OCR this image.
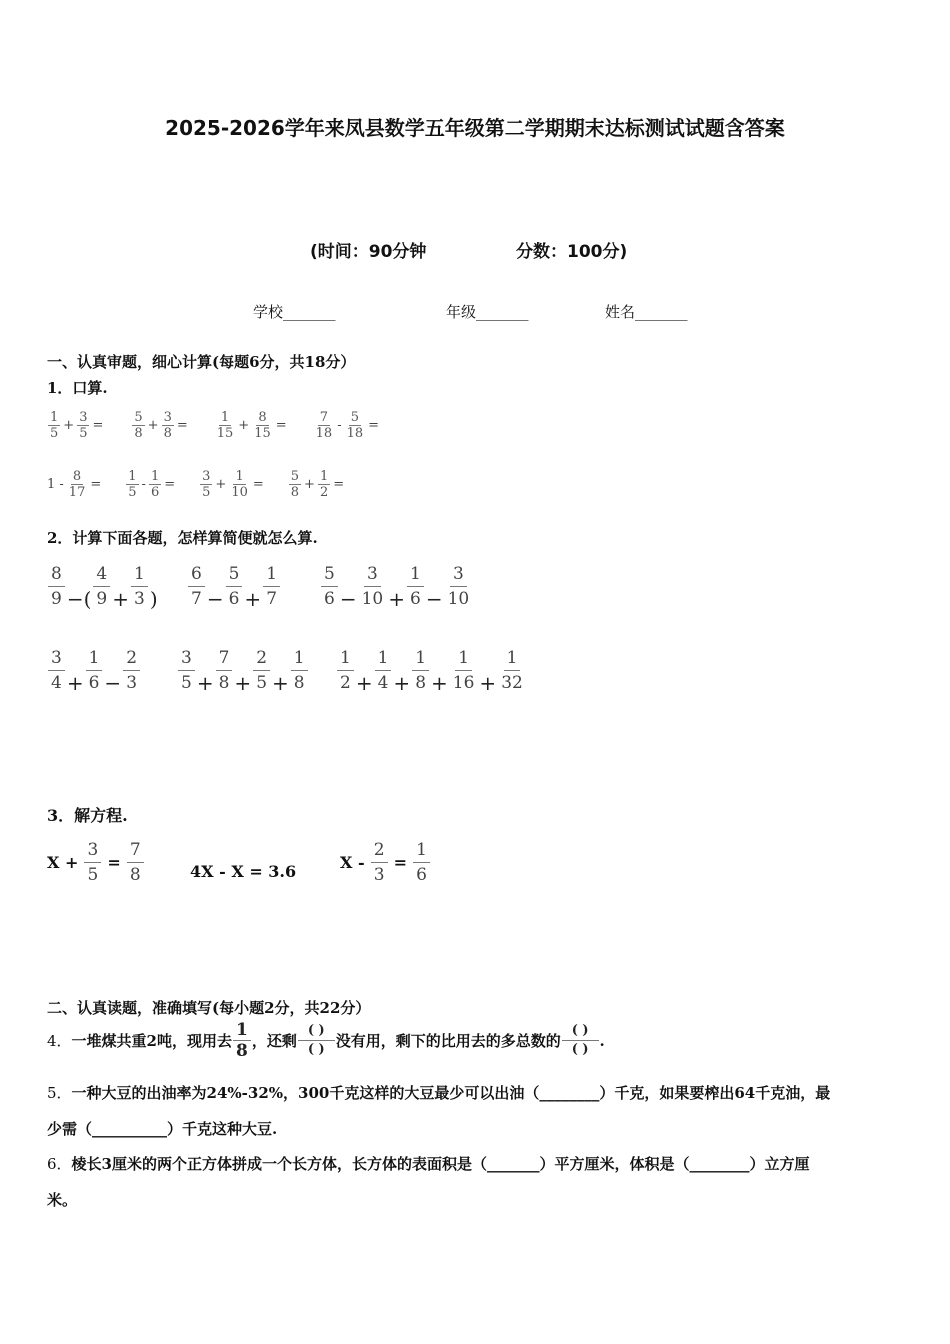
2025-2026学年来凤县数学五年级第二学期期末达标测试试题含答案
(时间：90分钟	分数：100分)
学校_______	年级_______	姓名_______
一、认真审题，细心计算(每题6分，共18分）
1．口算.
$\frac{1}{5} + \frac{3}{5} = \frac{5}{8} + \frac{3}{8} = \frac{1}{15} + \frac{8}{15} = \frac{7}{18} - \frac{5}{18}$ =
$1 - \frac{8}{17} = \frac{1}{5} - \frac{1}{6} = \frac{3}{5} + \frac{1}{10} = \frac{5}{8} + \frac{1}{2}$ =
2．计算下面各题，怎样算简便就怎么算.
$\frac{8}{9}$ −( $\frac{4}{9} + \frac{1}{3}$ ) $\frac{6}{7} - \frac{5}{6} + \frac{1}{7} \frac{5}{6} - \frac{3}{10} + \frac{1}{6} - \frac{3}{10}$
$\frac{3}{4} + \frac{1}{6} - \frac{2}{3} \frac{3}{5} + \frac{7}{8} + \frac{2}{5} + \frac{1}{8} \frac{1}{2} + \frac{1}{4} + \frac{1}{8} + \frac{1}{16} + \frac{1}{32}$
3．解方程.
X +
$\frac{3}{5}$
=
$\frac{7}{8}$	4X - X = 3.6	X -
$\frac{2}{3}$
=
$\frac{1}{6}$
二、认真读题，准确填写(每小题2分，共22分）
4． 一堆煤共重2吨，现用去 $\frac{1}{8}$ ，还剩
( )
( ) 没有用，剩下的比用去的多总数的
( )
( ) .
5．一种大豆的出油率为24%-32%，300千克这样的大豆最少可以出油（________）千克，如果要榨出64千克油，最
少需（__________）千克这种大豆.
6．棱长3厘米的两个正方体拼成一个长方体，长方体的表面积是（_______）平方厘米，体积是（________）立方厘
米。
